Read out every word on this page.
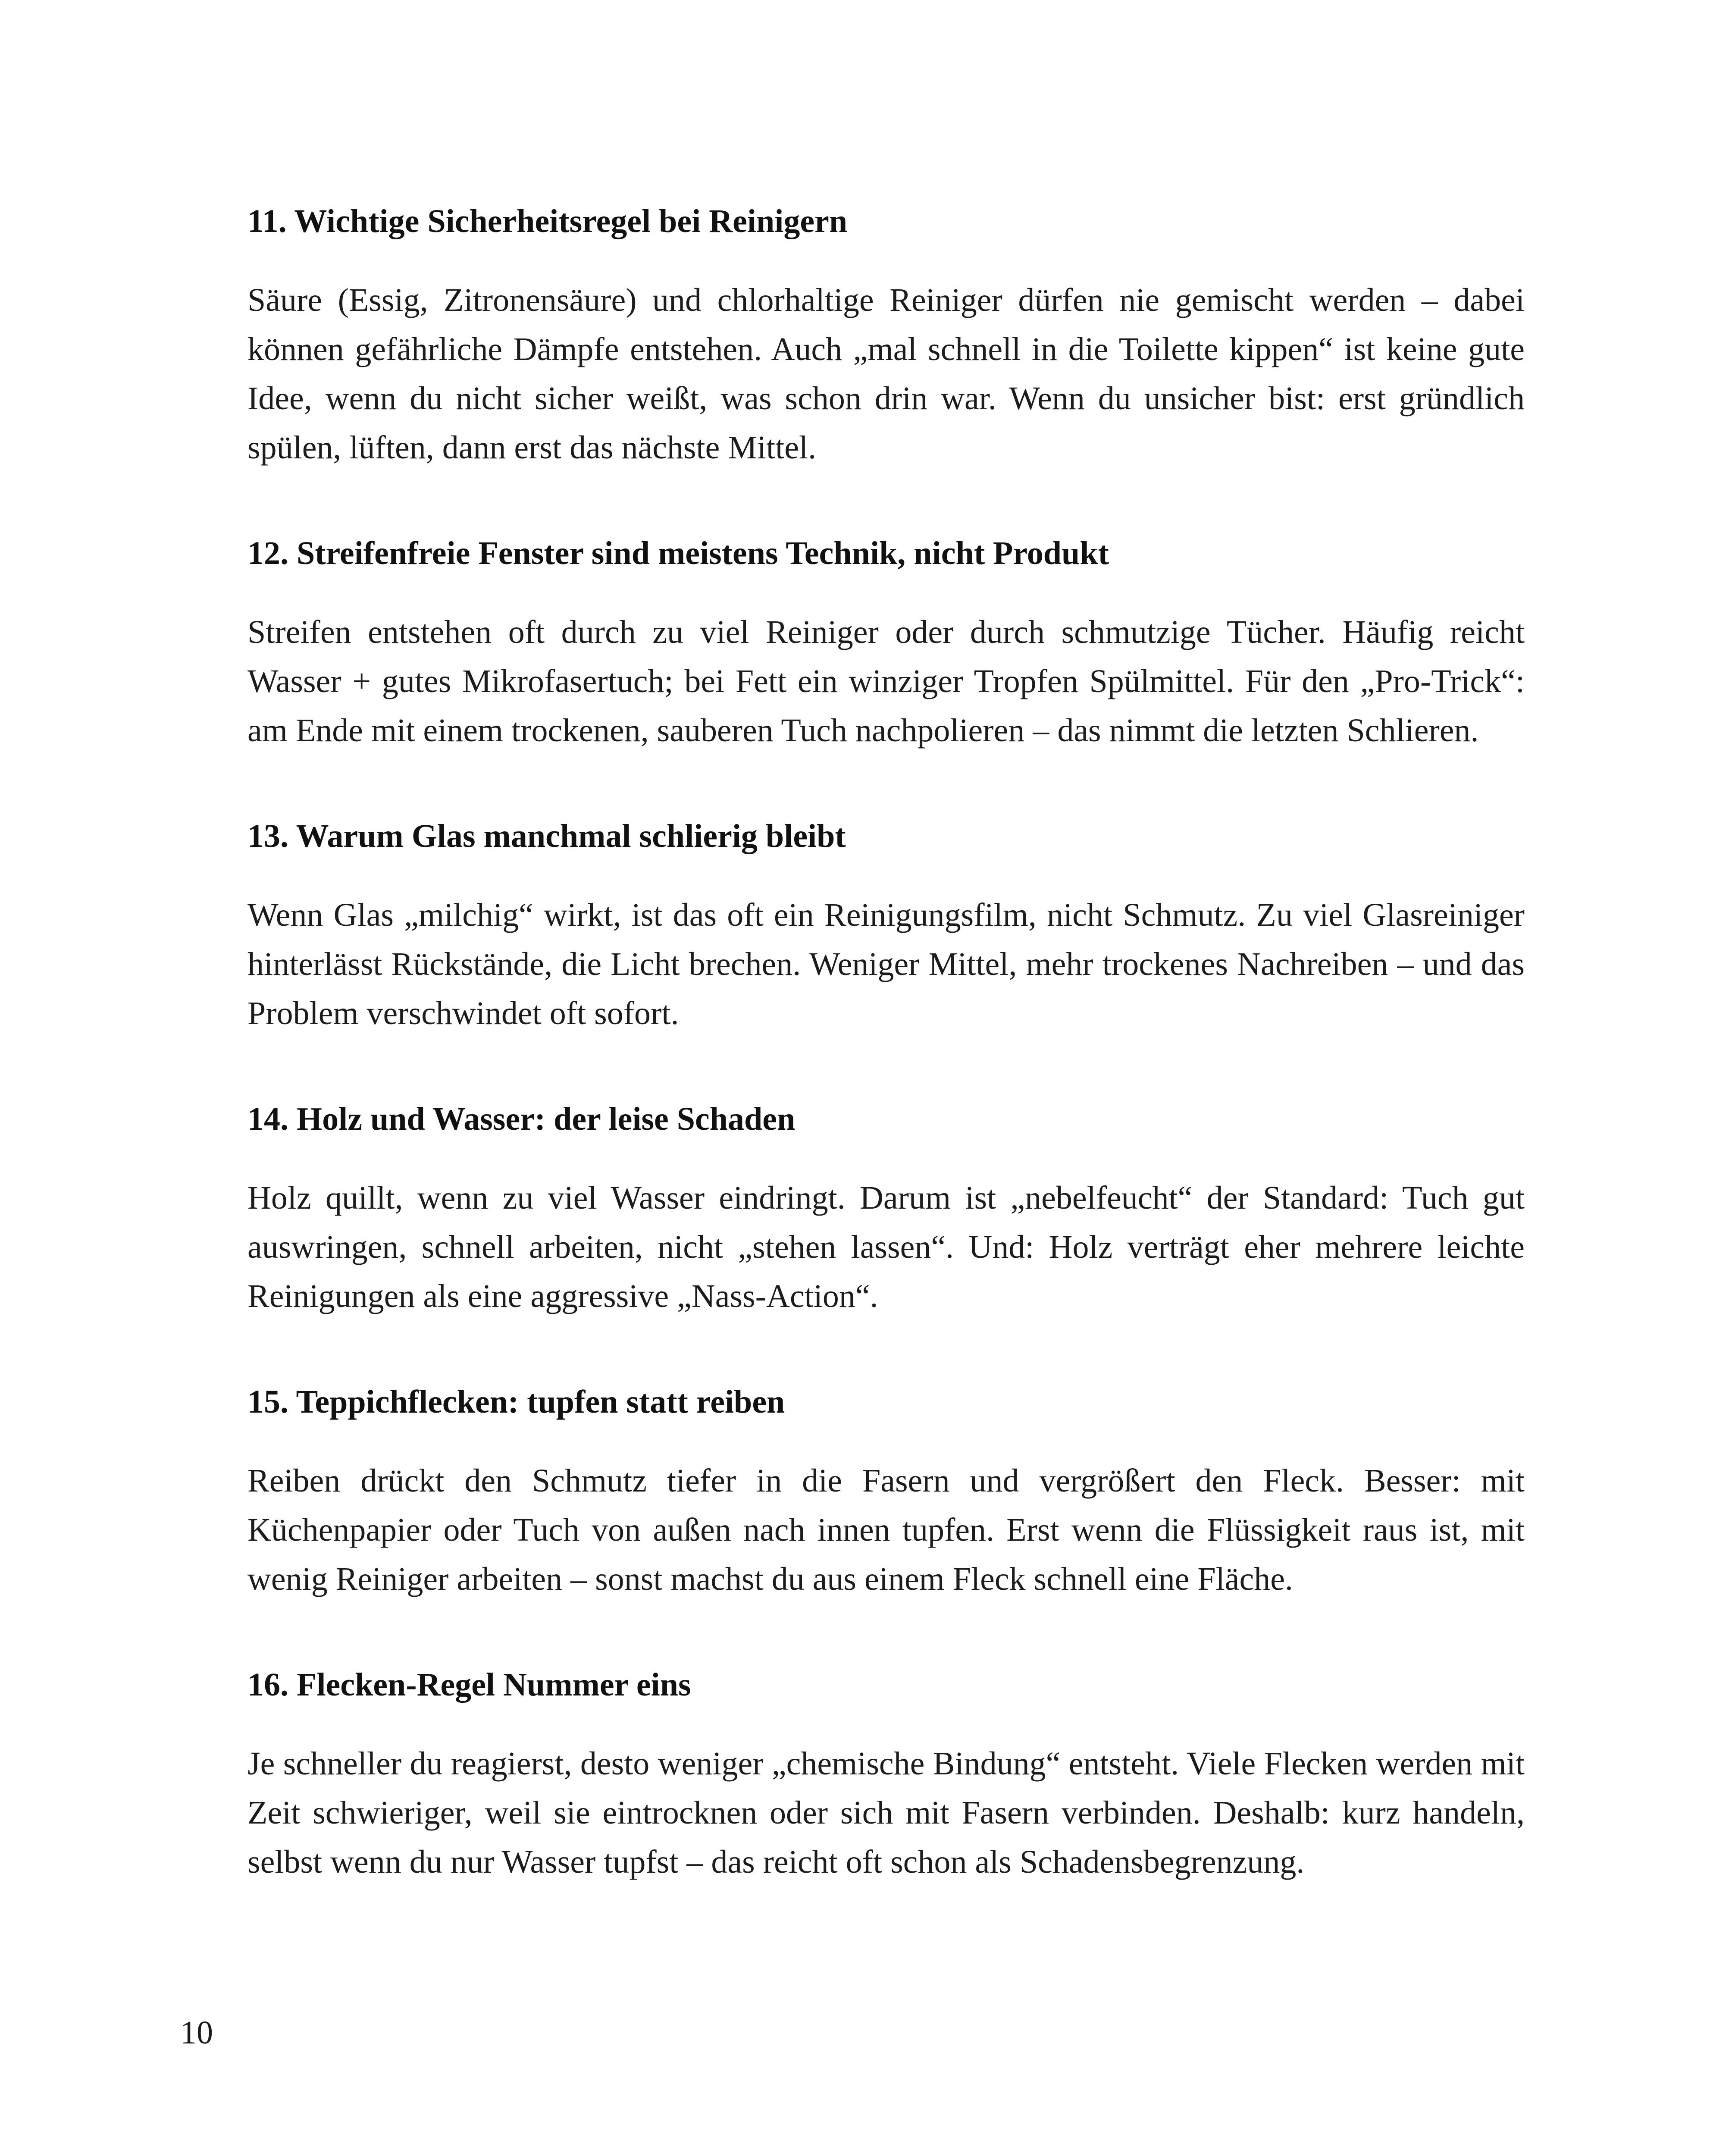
11. Wichtige Sicherheitsregel bei Reinigern

Säure (Essig, Zitronensäure) und chlorhaltige Reiniger dürfen nie gemischt werden – dabei können gefährliche Dämpfe entstehen. Auch „mal schnell in die Toilette kippen“ ist keine gute Idee, wenn du nicht sicher weißt, was schon drin war. Wenn du unsicher bist: erst gründlich spülen, lüften, dann erst das nächste Mittel.

12. Streifenfreie Fenster sind meistens Technik, nicht Produkt

Streifen entstehen oft durch zu viel Reiniger oder durch schmutzige Tücher. Häufig reicht Wasser + gutes Mikrofasertuch; bei Fett ein winziger Tropfen Spülmittel. Für den „Pro-Trick“: am Ende mit einem trockenen, sauberen Tuch nachpolieren – das nimmt die letzten Schlieren.

13. Warum Glas manchmal schlierig bleibt

Wenn Glas „milchig“ wirkt, ist das oft ein Reinigungsfilm, nicht Schmutz. Zu viel Glasreiniger hinterlässt Rückstände, die Licht brechen. Weniger Mittel, mehr trockenes Nachreiben – und das Problem verschwindet oft sofort.

14. Holz und Wasser: der leise Schaden

Holz quillt, wenn zu viel Wasser eindringt. Darum ist „nebelfeucht“ der Standard: Tuch gut auswringen, schnell arbeiten, nicht „stehen lassen“. Und: Holz verträgt eher mehrere leichte Reinigungen als eine aggressive „Nass-Action“.

15. Teppichflecken: tupfen statt reiben

Reiben drückt den Schmutz tiefer in die Fasern und vergrößert den Fleck. Besser: mit Küchenpapier oder Tuch von außen nach innen tupfen. Erst wenn die Flüssigkeit raus ist, mit wenig Reiniger arbeiten – sonst machst du aus einem Fleck schnell eine Fläche.

16. Flecken-Regel Nummer eins

Je schneller du reagierst, desto weniger „chemische Bindung“ entsteht. Viele Flecken werden mit Zeit schwieriger, weil sie eintrocknen oder sich mit Fasern verbinden. Deshalb: kurz handeln, selbst wenn du nur Wasser tupfst – das reicht oft schon als Schadensbegrenzung.

10
